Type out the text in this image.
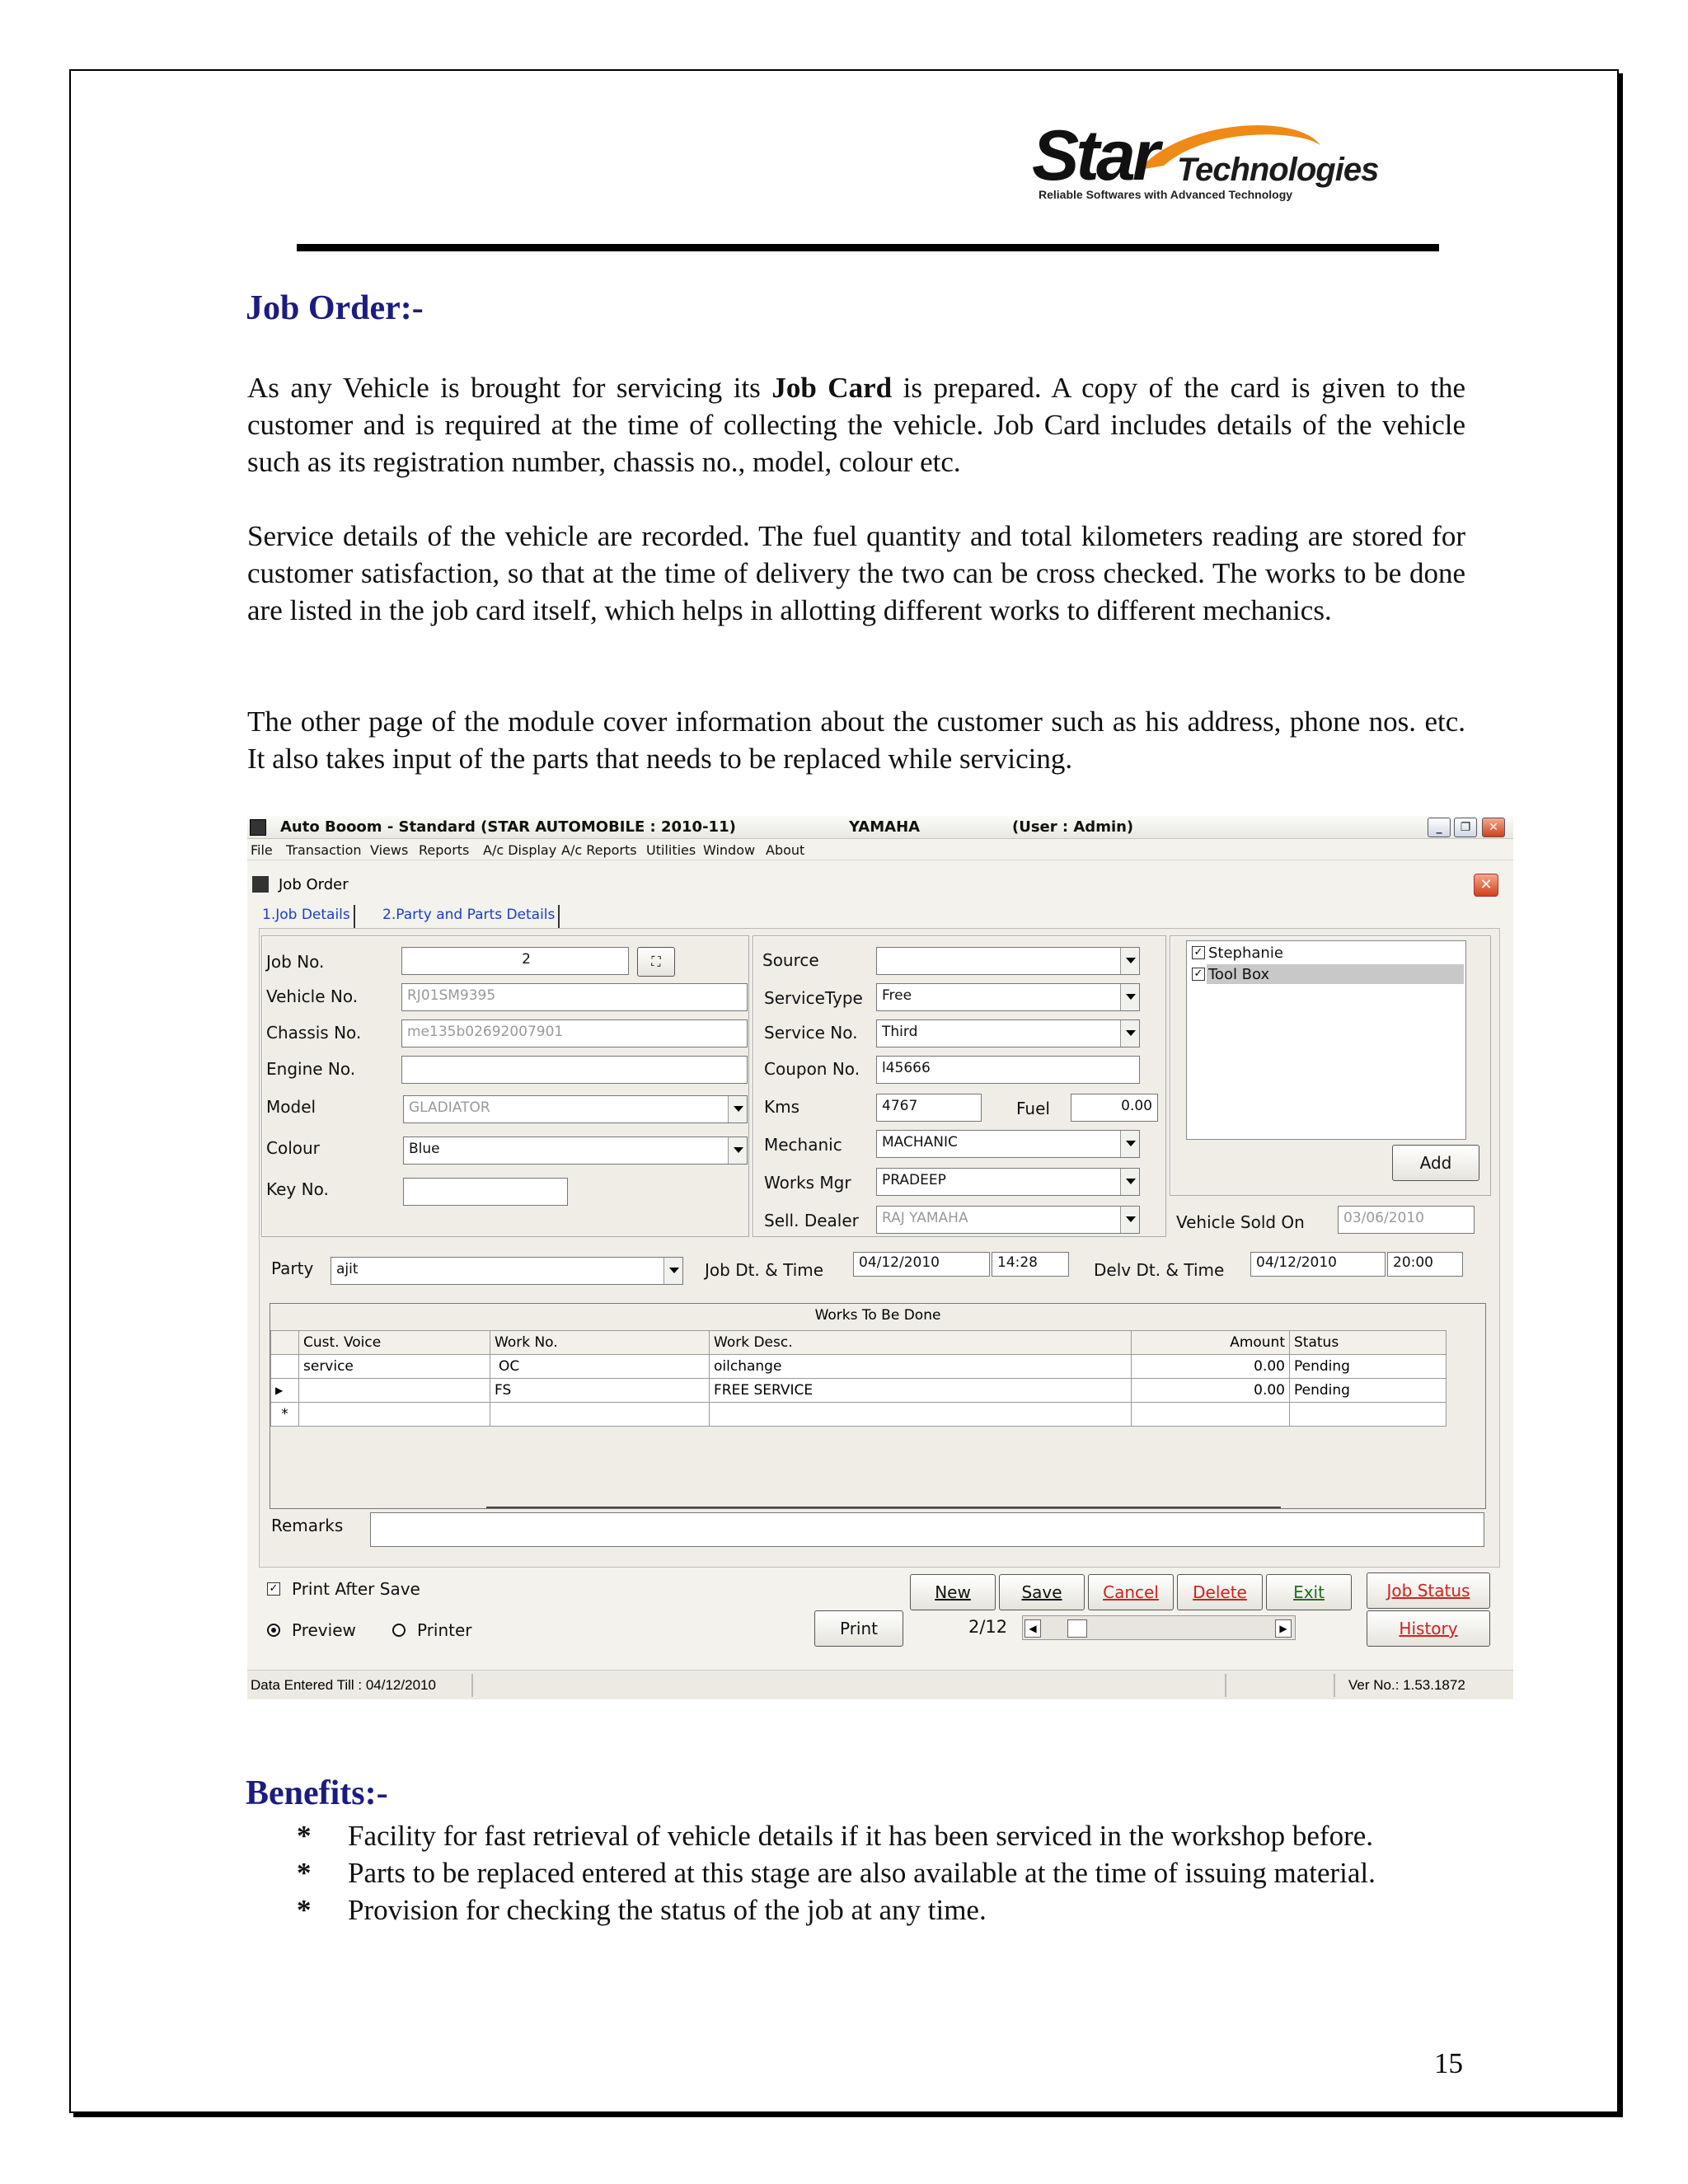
Star Technologies
Reliable Softwares with Advanced Technology
Job Order:-

As any Vehicle is brought for servicing its Job Card is prepared. A copy of the card is given to the customer and is required at the time of collecting the vehicle. Job Card includes details of the vehicle such as its registration number, chassis no., model, colour etc.

Service details of the vehicle are recorded. The fuel quantity and total kilometers reading are stored for customer satisfaction, so that at the time of delivery the two can be cross checked. The works to be done are listed in the job card itself, which helps in allotting different works to different mechanics.

The other page of the module cover information about the customer such as his address, phone nos. etc. It also takes input of the parts that needs to be replaced while servicing.

Auto Booom - Standard (STAR AUTOMOBILE : 2010-11)	YAMAHA	(User : Admin)	_	❐	✕
File Transaction Views Reports A/c Display A/c Reports Utilities Window About
Job Order	✕
1.Job Details	2.Party and Parts Details
Job No.	2	⛶
Vehicle No.	RJ01SM9395
Chassis No.	me135b02692007901
Engine No.
Model	GLADIATOR
Colour	Blue
Key No.
Source
ServiceType	Free
Service No.	Third
Coupon No.	l45666
Kms	4767	Fuel	0.00
Mechanic	MACHANIC
Works Mgr	PRADEEP
Sell. Dealer	RAJ YAMAHA
✓ Stephanie
✓ Tool Box
Add
Vehicle Sold On	03/06/2010
Party	ajit	Job Dt. & Time	04/12/2010	14:28	Delv Dt. & Time	04/12/2010	20:00
Works To Be Done
	Cust. Voice	Work No.	Work Desc.	Amount	Status
	service	OC	oilchange	0.00	Pending
▶		FS	FREE SERVICE	0.00	Pending
*					
Remarks
✓ Print After Save
Preview	Printer
New	Save	Cancel	Delete	Exit	Job Status
History
Print	2/12	◀	▶
Data Entered Till : 04/12/2010	Ver No.: 1.53.1872
Benefits:-
* Facility for fast retrieval of vehicle details if it has been serviced in the workshop before.
* Parts to be replaced entered at this stage are also available at the time of issuing material.
* Provision for checking the status of the job at any time.
15
